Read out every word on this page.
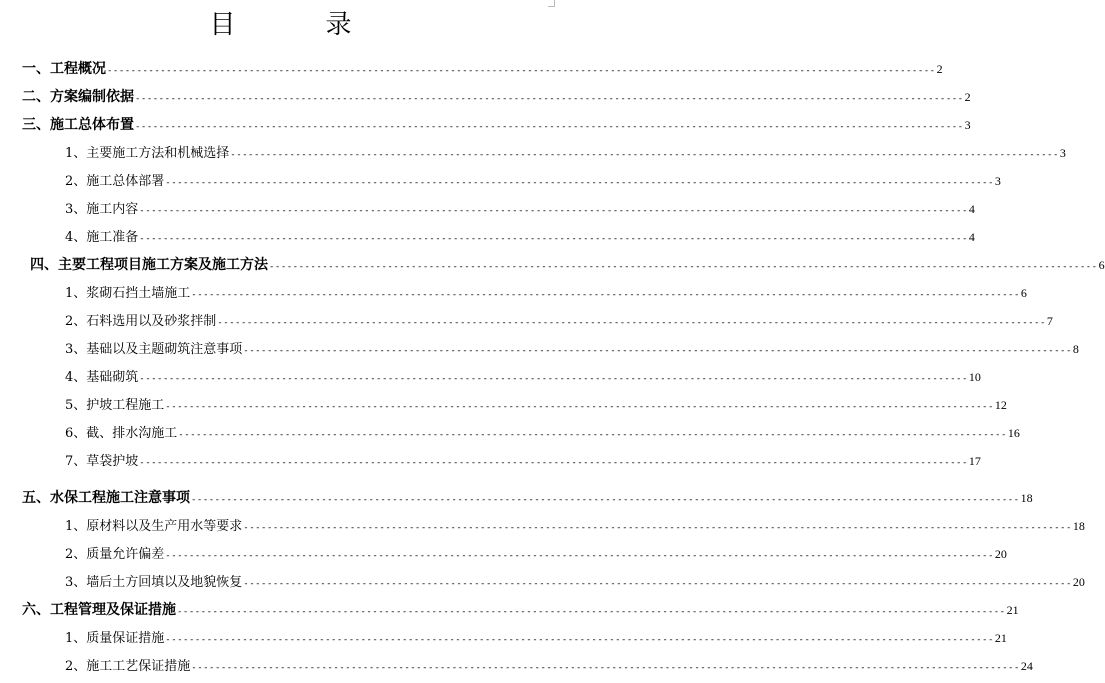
目　录
一、工程概况 -------------------------------------------------------------------------------------------------------------------------------------------- 2
二、方案编制依据 -------------------------------------------------------------------------------------------------------------------------------------------- 2
三、施工总体布置 -------------------------------------------------------------------------------------------------------------------------------------------- 3
1、主要施工方法和机械选择 -------------------------------------------------------------------------------------------------------------------------------------------- 3
2、施工总体部署 -------------------------------------------------------------------------------------------------------------------------------------------- 3
3、施工内容 -------------------------------------------------------------------------------------------------------------------------------------------- 4
4、施工准备 -------------------------------------------------------------------------------------------------------------------------------------------- 4
四、主要工程项目施工方案及施工方法 -------------------------------------------------------------------------------------------------------------------------------------------- 6
1、浆砌石挡土墙施工 -------------------------------------------------------------------------------------------------------------------------------------------- 6
2、石料选用以及砂浆拌制 -------------------------------------------------------------------------------------------------------------------------------------------- 7
3、基础以及主题砌筑注意事项 -------------------------------------------------------------------------------------------------------------------------------------------- 8
4、基础砌筑 -------------------------------------------------------------------------------------------------------------------------------------------- 10
5、护坡工程施工 -------------------------------------------------------------------------------------------------------------------------------------------- 12
6、截、排水沟施工 -------------------------------------------------------------------------------------------------------------------------------------------- 16
7、草袋护坡 -------------------------------------------------------------------------------------------------------------------------------------------- 17
五、水保工程施工注意事项 -------------------------------------------------------------------------------------------------------------------------------------------- 18
1、原材料以及生产用水等要求 -------------------------------------------------------------------------------------------------------------------------------------------- 18
2、质量允许偏差 -------------------------------------------------------------------------------------------------------------------------------------------- 20
3、墙后土方回填以及地貌恢复 -------------------------------------------------------------------------------------------------------------------------------------------- 20
六、工程管理及保证措施 -------------------------------------------------------------------------------------------------------------------------------------------- 21
1、质量保证措施 -------------------------------------------------------------------------------------------------------------------------------------------- 21
2、施工工艺保证措施 -------------------------------------------------------------------------------------------------------------------------------------------- 24
